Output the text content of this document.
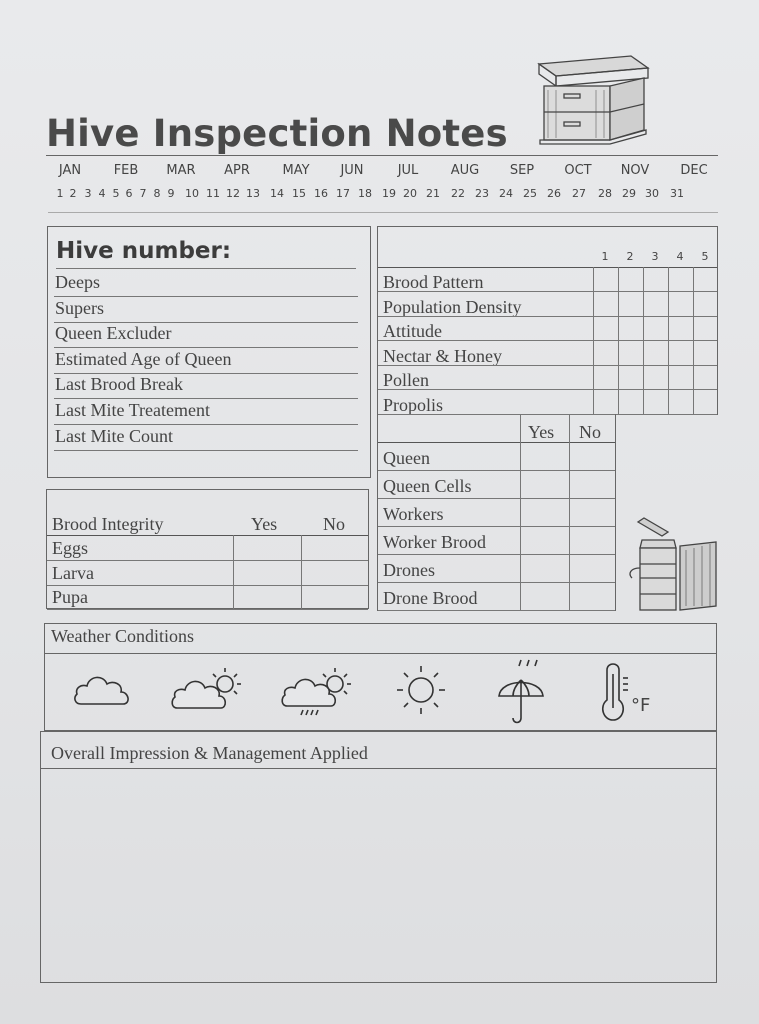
Hive Inspection Notes
JAN	FEB MAR APR	MAY JUN	JUL AUG SEP OCT NOV DEC
1 2 3 4 5 6 7 8 9 10 11 12 13 14 15 16 17 18 19 20 21 22 23 24 25 26 27 28 29 30 31
Hive number:
Deeps
Supers
Queen Excluder
Estimated Age of Queen
Last Brood Break
Last Mite Treatement
Last Mite Count
Brood Integrity	Yes	No
Eggs
Larva
Pupa
1 2 3 4 5
Brood Pattern
Population Density
Attitude
Nectar & Honey
Pollen
Propolis
Yes No
Queen
Queen Cells
Workers
Worker Brood
Drones
Drone Brood
Weather Conditions
°F
Overall Impression & Management Applied
